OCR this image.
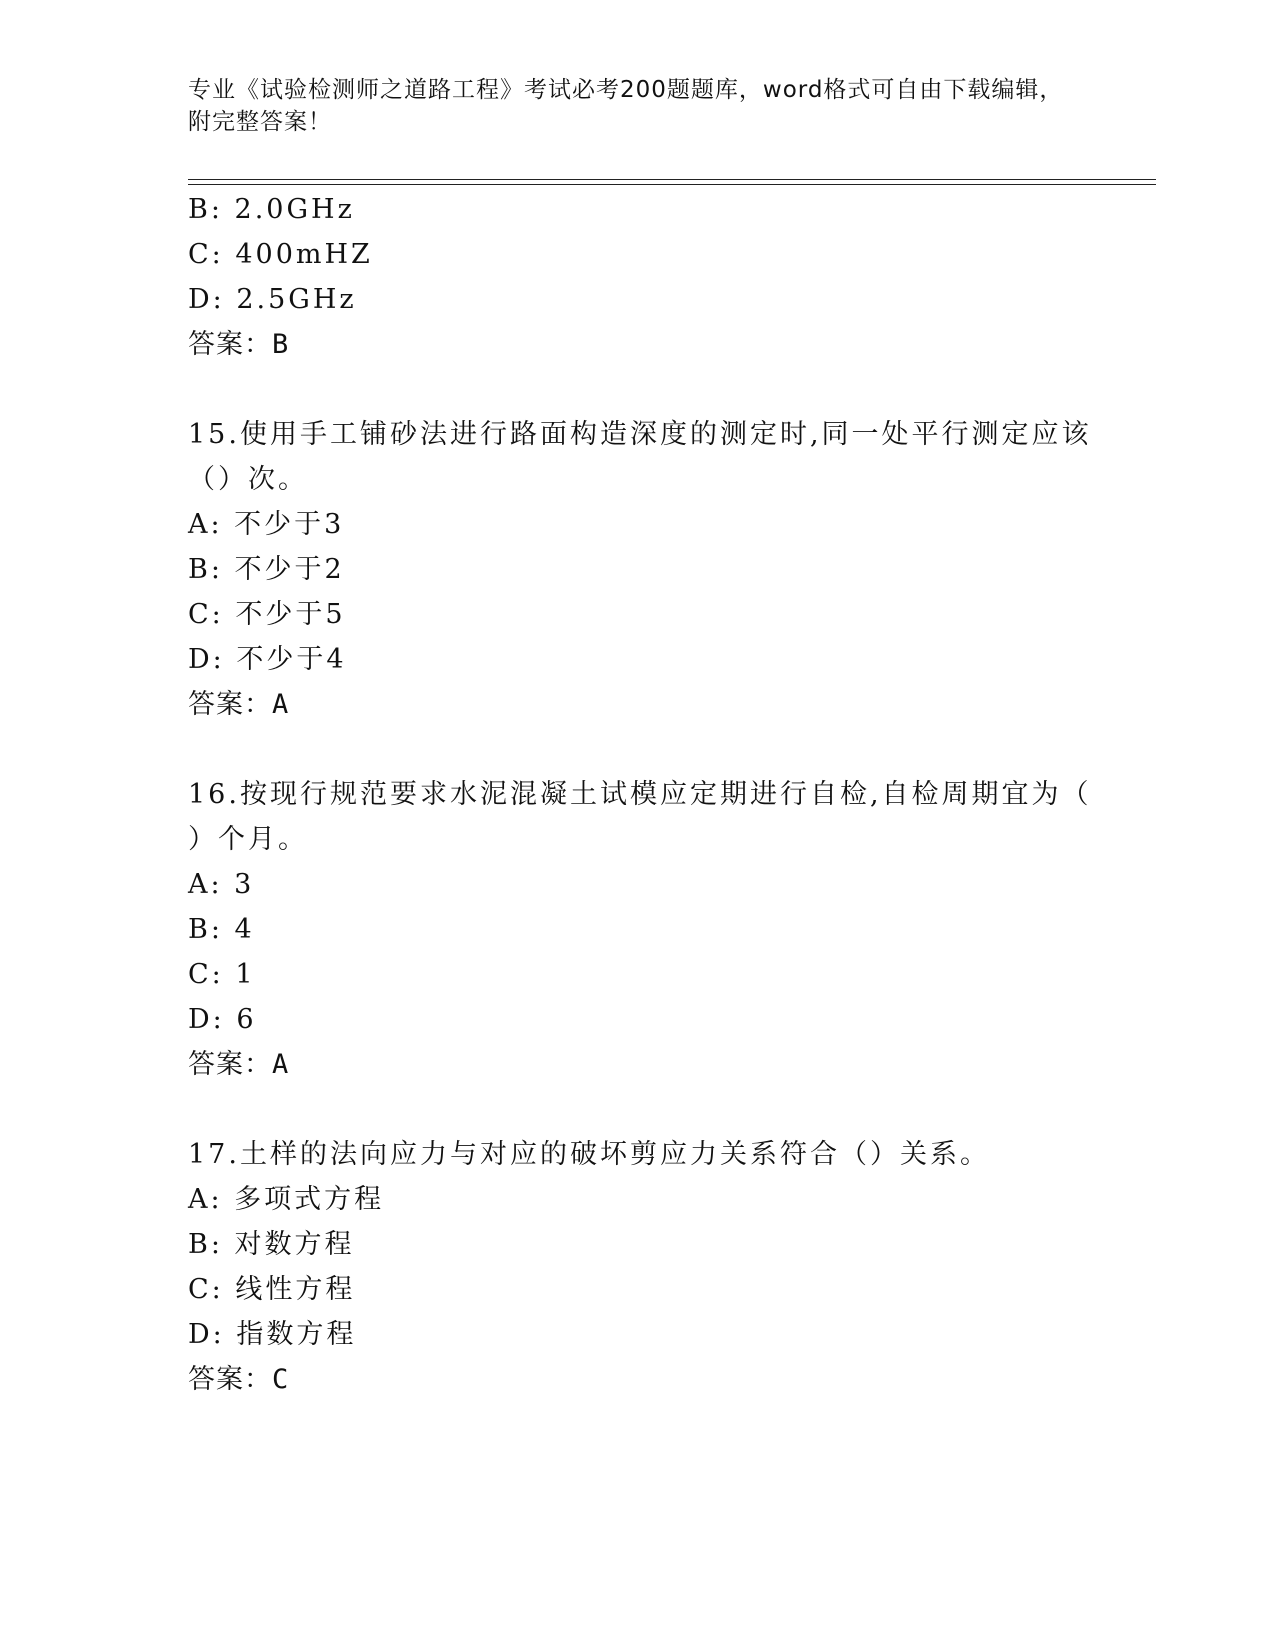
专业《试验检测师之道路工程》考试必考200题题库，word格式可自由下载编辑，附完整答案！
B: 2.0GHz
C: 400mHZ
D: 2.5GHz
答案：B
15.使用手工铺砂法进行路面构造深度的测定时,同一处平行测定应该
（）次。
A: 不少于3
B: 不少于2
C: 不少于5
D: 不少于4
答案：A
16.按现行规范要求水泥混凝土试模应定期进行自检,自检周期宜为（
）个月。
A: 3
B: 4
C: 1
D: 6
答案：A
17.土样的法向应力与对应的破坏剪应力关系符合（）关系。
A: 多项式方程
B: 对数方程
C: 线性方程
D: 指数方程
答案：C
